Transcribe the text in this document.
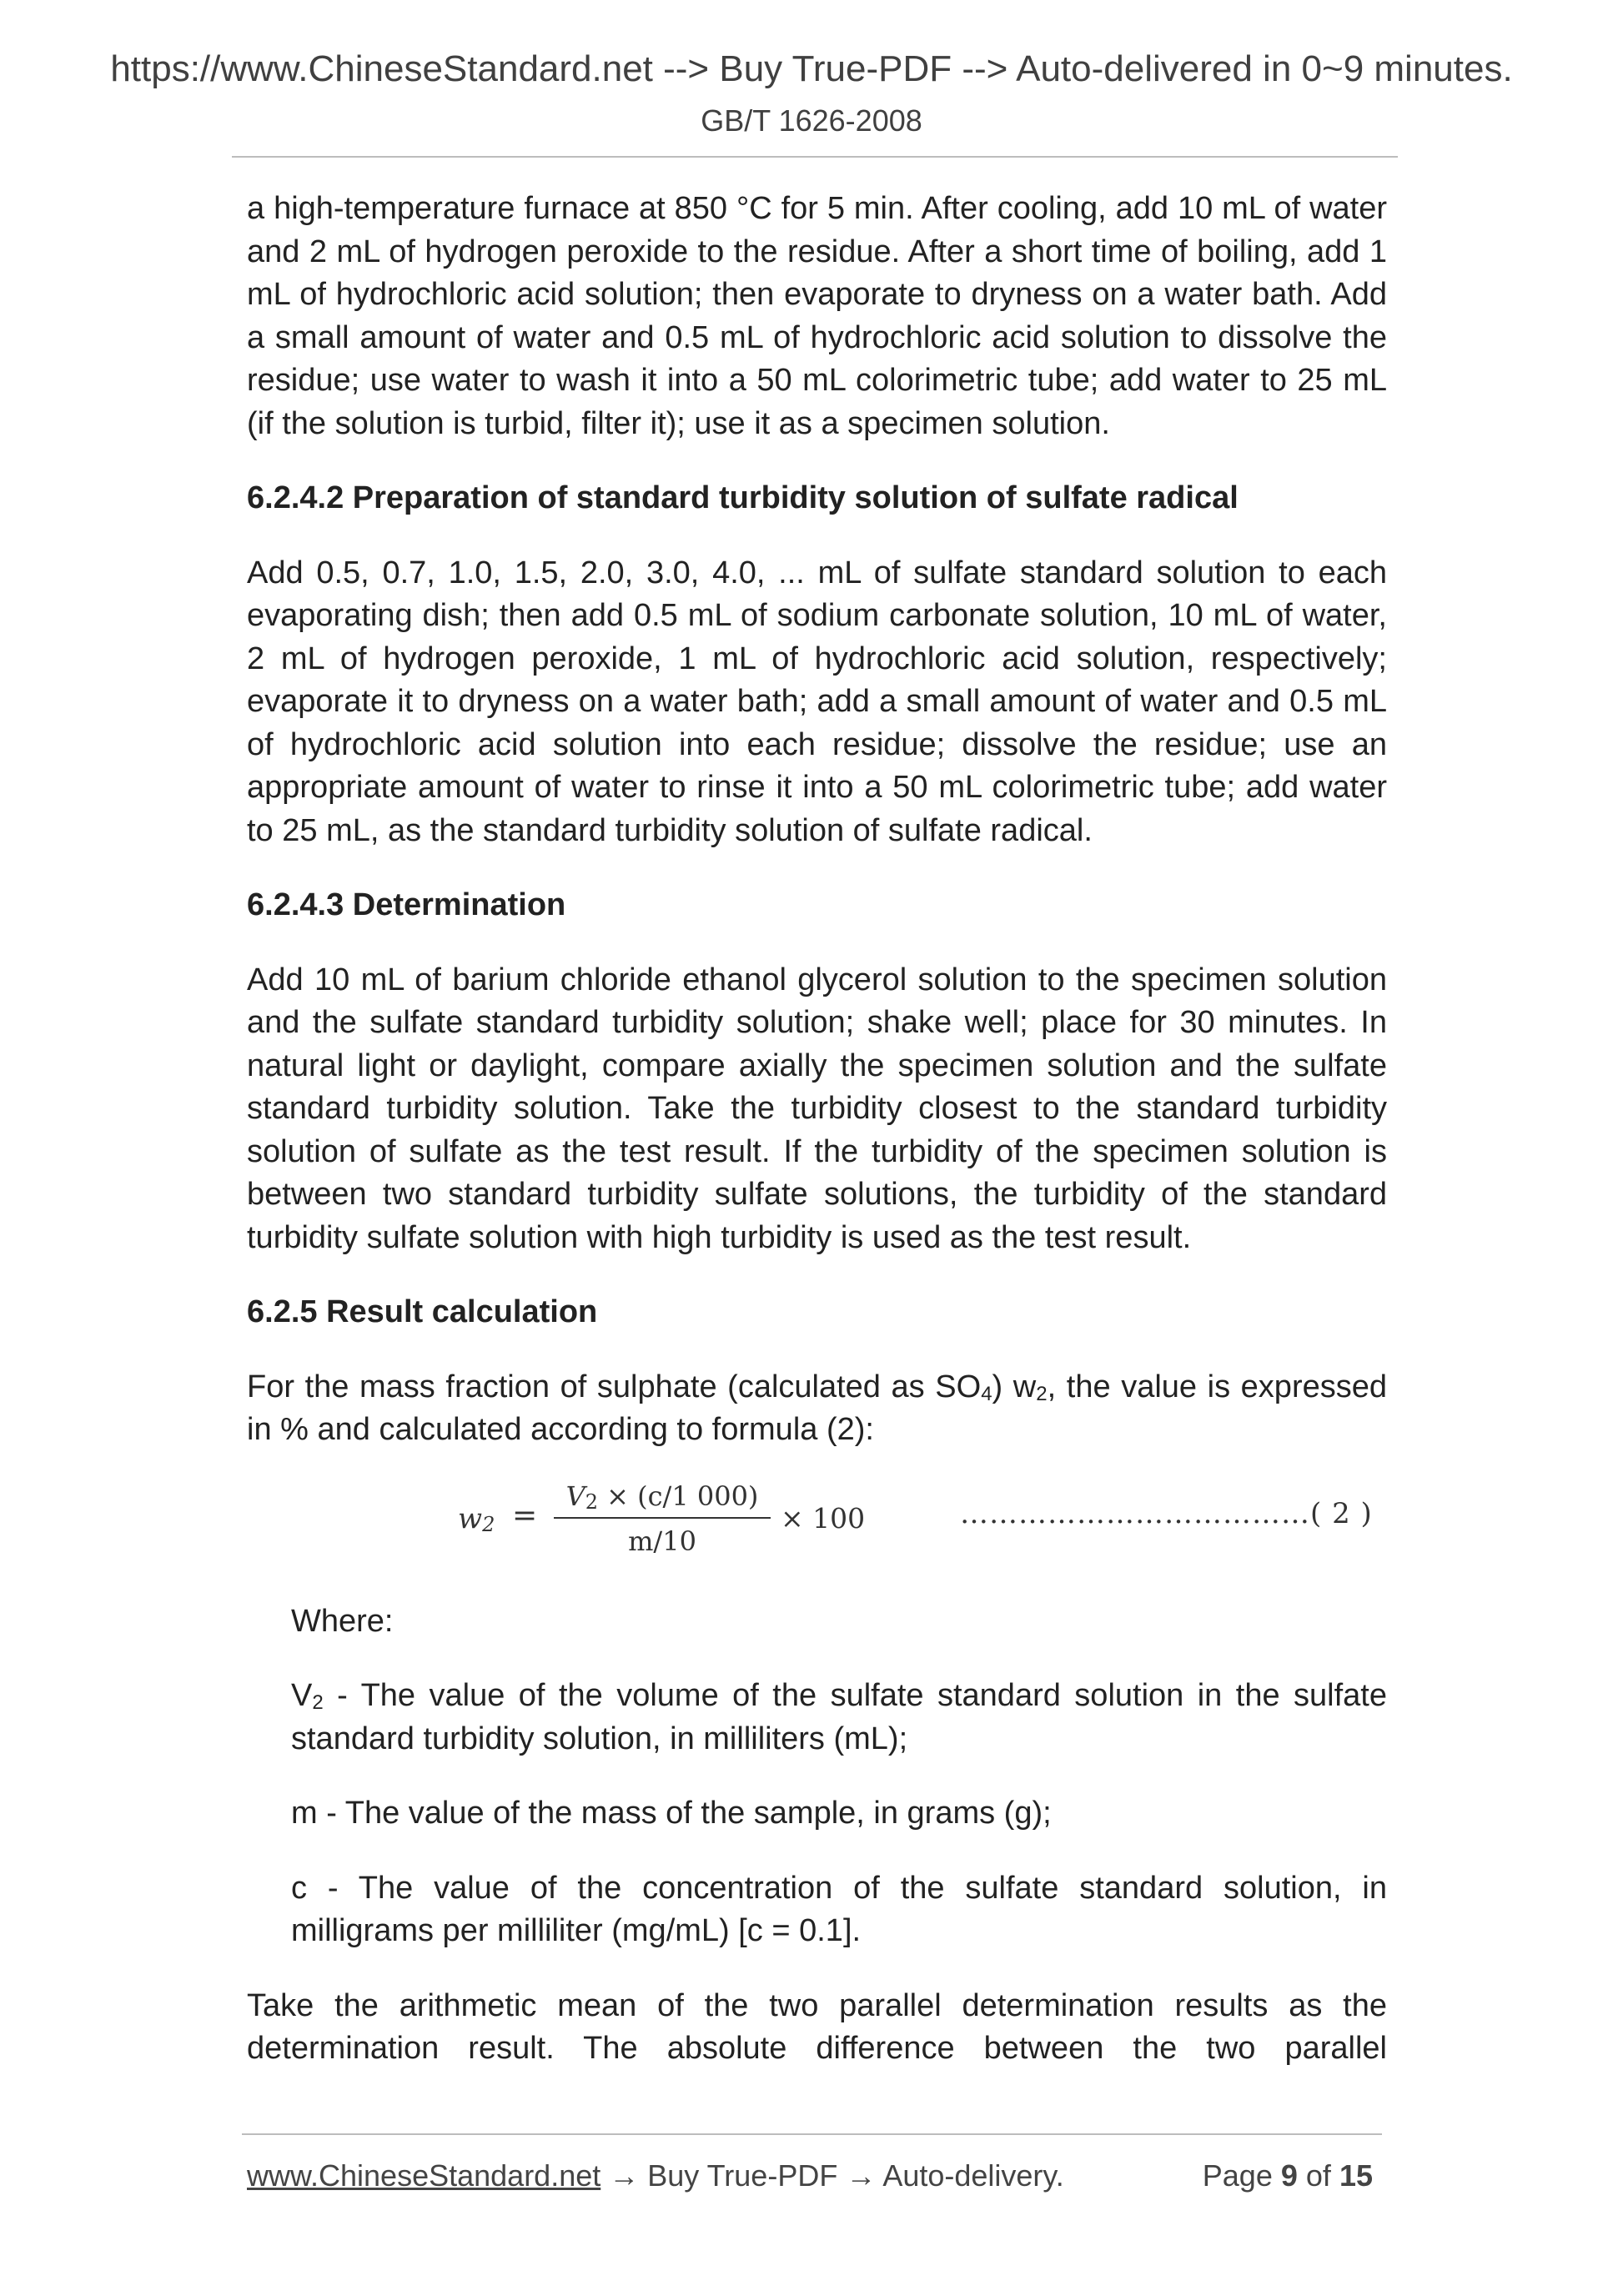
https://www.ChineseStandard.net --> Buy True-PDF --> Auto-delivered in 0~9 minutes.
GB/T 1626-2008

a high-temperature furnace at 850 °C for 5 min. After cooling, add 10 mL of water and 2 mL of hydrogen peroxide to the residue. After a short time of boiling, add 1 mL of hydrochloric acid solution; then evaporate to dryness on a water bath. Add a small amount of water and 0.5 mL of hydrochloric acid solution to dissolve the residue; use water to wash it into a 50 mL colorimetric tube; add water to 25 mL (if the solution is turbid, filter it); use it as a specimen solution.

6.2.4.2 Preparation of standard turbidity solution of sulfate radical

Add 0.5, 0.7, 1.0, 1.5, 2.0, 3.0, 4.0, ... mL of sulfate standard solution to each evaporating dish; then add 0.5 mL of sodium carbonate solution, 10 mL of water, 2 mL of hydrogen peroxide, 1 mL of hydrochloric acid solution, respectively; evaporate it to dryness on a water bath; add a small amount of water and 0.5 mL of hydrochloric acid solution into each residue; dissolve the residue; use an appropriate amount of water to rinse it into a 50 mL colorimetric tube; add water to 25 mL, as the standard turbidity solution of sulfate radical.

6.2.4.3 Determination

Add 10 mL of barium chloride ethanol glycerol solution to the specimen solution and the sulfate standard turbidity solution; shake well; place for 30 minutes. In natural light or daylight, compare axially the specimen solution and the sulfate standard turbidity solution. Take the turbidity closest to the standard turbidity solution of sulfate as the test result. If the turbidity of the specimen solution is between two standard turbidity sulfate solutions, the turbidity of the standard turbidity sulfate solution with high turbidity is used as the test result.

6.2.5 Result calculation

For the mass fraction of sulphate (calculated as $SO_4$) $w_2$, the value is expressed in % and calculated according to formula (2):

$w_2$ =
$V_2 \times (c/1$ 000)
m/10
× 100	………………………………( 2 )

Where:

$V_2$ - The value of the volume of the sulfate standard solution in the sulfate standard turbidity solution, in milliliters (mL);

m - The value of the mass of the sample, in grams (g);

c - The value of the concentration of the sulfate standard solution, in milligrams per milliliter (mg/mL) [c = 0.1].

Take the arithmetic mean of the two parallel determination results as the determination result. The absolute difference between the two parallel

www.ChineseStandard.net → Buy True-PDF → Auto-delivery.	Page 9 of 15
